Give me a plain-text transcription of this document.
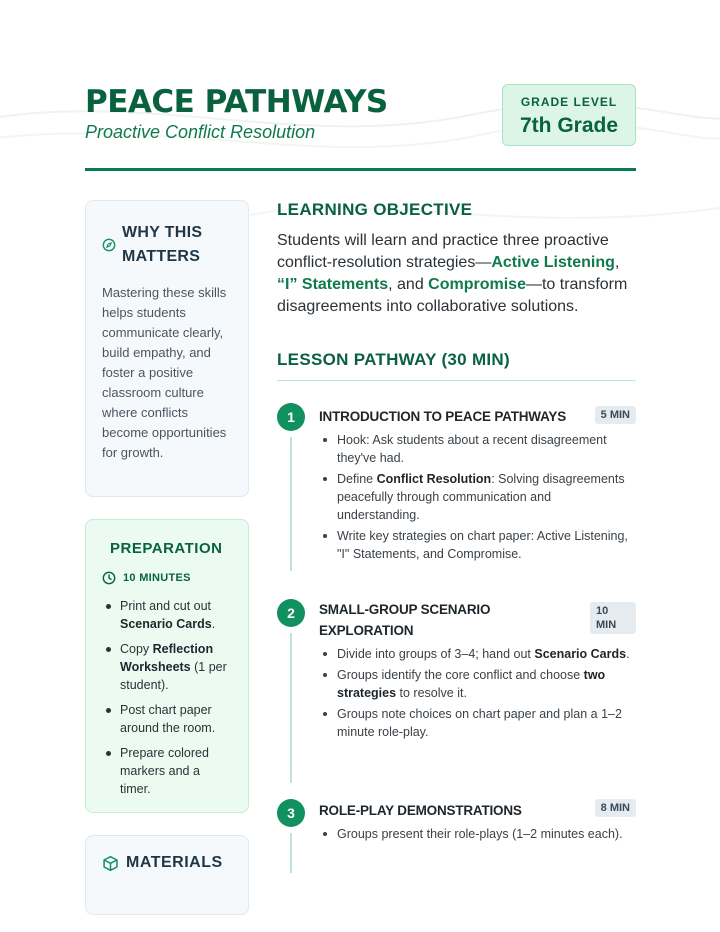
PEACE PATHWAYS
Proactive Conflict Resolution
GRADE LEVEL
7th Grade
WHY THIS MATTERS

Mastering these skills helps students communicate clearly, build empathy, and foster a positive classroom culture where conflicts become opportunities for growth.

PREPARATION
10 MINUTES
Print and cut out Scenario Cards.
Copy Reflection Worksheets (1 per student).
Post chart paper around the room.
Prepare colored markers and a timer.
MATERIALS
LEARNING OBJECTIVE

Students will learn and practice three proactive conflict-resolution strategies—Active Listening, “I” Statements, and Compromise—to transform disagreements into collaborative solutions.

LESSON PATHWAY (30 MIN)
1	INTRODUCTION TO PEACE PATHWAYS	5 MIN
Hook: Ask students about a recent disagreement they've had.
Define Conflict Resolution: Solving disagreements peacefully through communication and understanding.
Write key strategies on chart paper: Active Listening, "I" Statements, and Compromise.
2	SMALL-GROUP SCENARIO EXPLORATION
10 MIN
Divide into groups of 3–4; hand out Scenario Cards.
Groups identify the core conflict and choose two strategies to resolve it.
Groups note choices on chart paper and plan a 1–2 minute role-play.
3	ROLE-PLAY DEMONSTRATIONS	8 MIN
Groups present their role-plays (1–2 minutes each).
